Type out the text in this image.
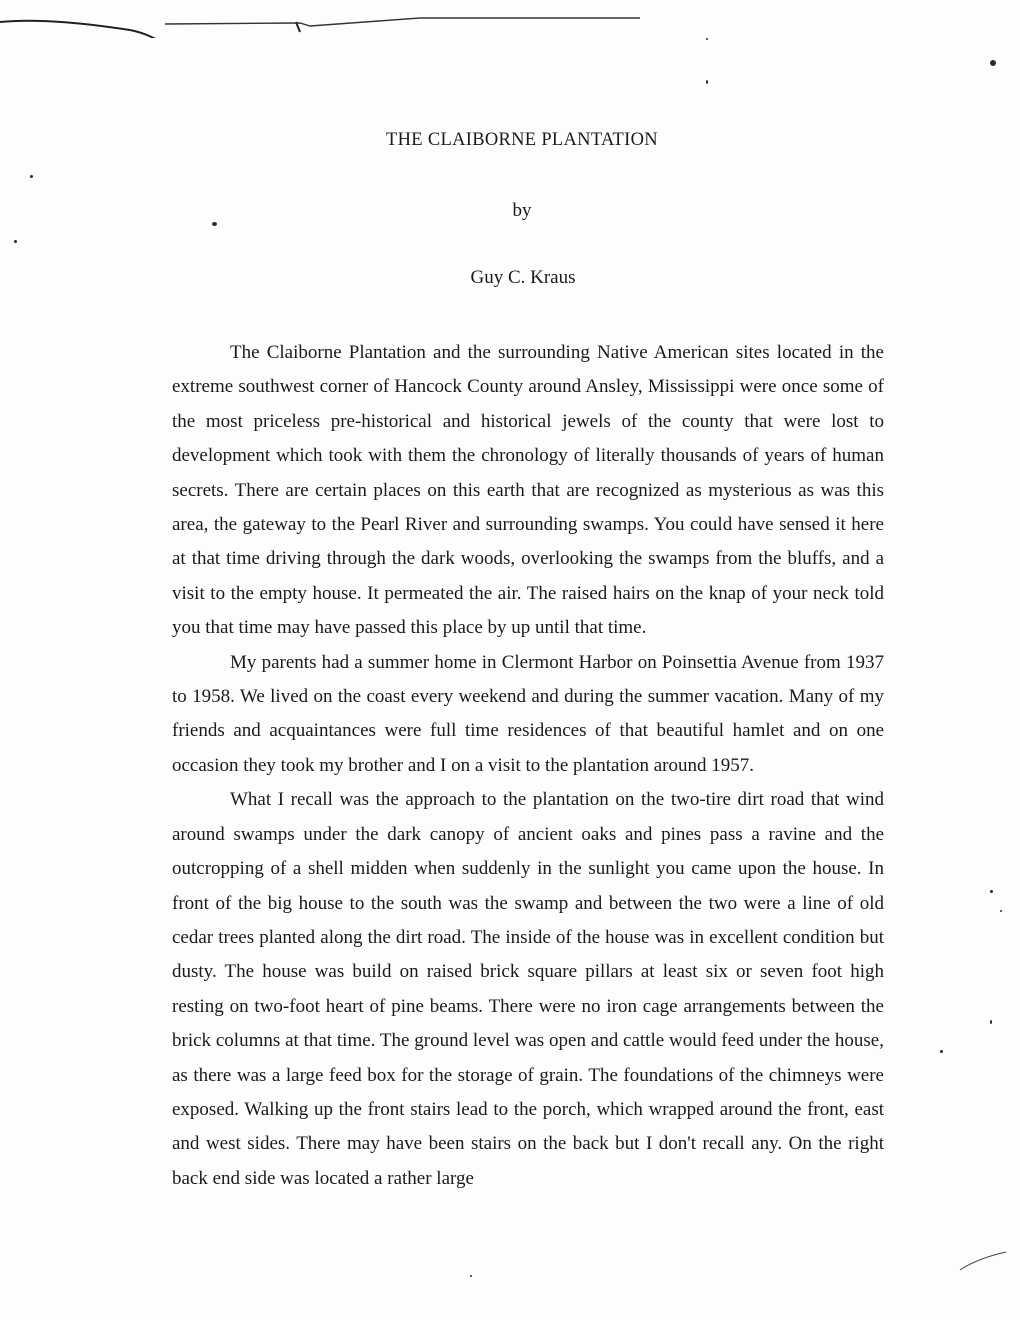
THE CLAIBORNE PLANTATION
by
Guy C. Kraus

The Claiborne Plantation and the surrounding Native American sites located in the extreme southwest corner of Hancock County around Ansley, Mississippi were once some of the most priceless pre-historical and historical jewels of the county that were lost to development which took with them the chronology of literally thousands of years of human secrets. There are certain places on this earth that are recognized as mysterious as was this area, the gateway to the Pearl River and surrounding swamps. You could have sensed it here at that time driving through the dark woods, overlooking the swamps from the bluffs, and a visit to the empty house. It permeated the air. The raised hairs on the knap of your neck told you that time may have passed this place by up until that time.

My parents had a summer home in Clermont Harbor on Poinsettia Avenue from 1937 to 1958. We lived on the coast every weekend and during the summer vacation. Many of my friends and acquaintances were full time residences of that beautiful hamlet and on one occasion they took my brother and I on a visit to the plantation around 1957.

What I recall was the approach to the plantation on the two-tire dirt road that wind around swamps under the dark canopy of ancient oaks and pines pass a ravine and the outcropping of a shell midden when suddenly in the sunlight you came upon the house. In front of the big house to the south was the swamp and between the two were a line of old cedar trees planted along the dirt road. The inside of the house was in excellent condition but dusty. The house was build on raised brick square pillars at least six or seven foot high resting on two-foot heart of pine beams. There were no iron cage arrangements between the brick columns at that time. The ground level was open and cattle would feed under the house, as there was a large feed box for the storage of grain. The foundations of the chimneys were exposed. Walking up the front stairs lead to the porch, which wrapped around the front, east and west sides. There may have been stairs on the back but I don't recall any. On the right back end side was located a rather large
